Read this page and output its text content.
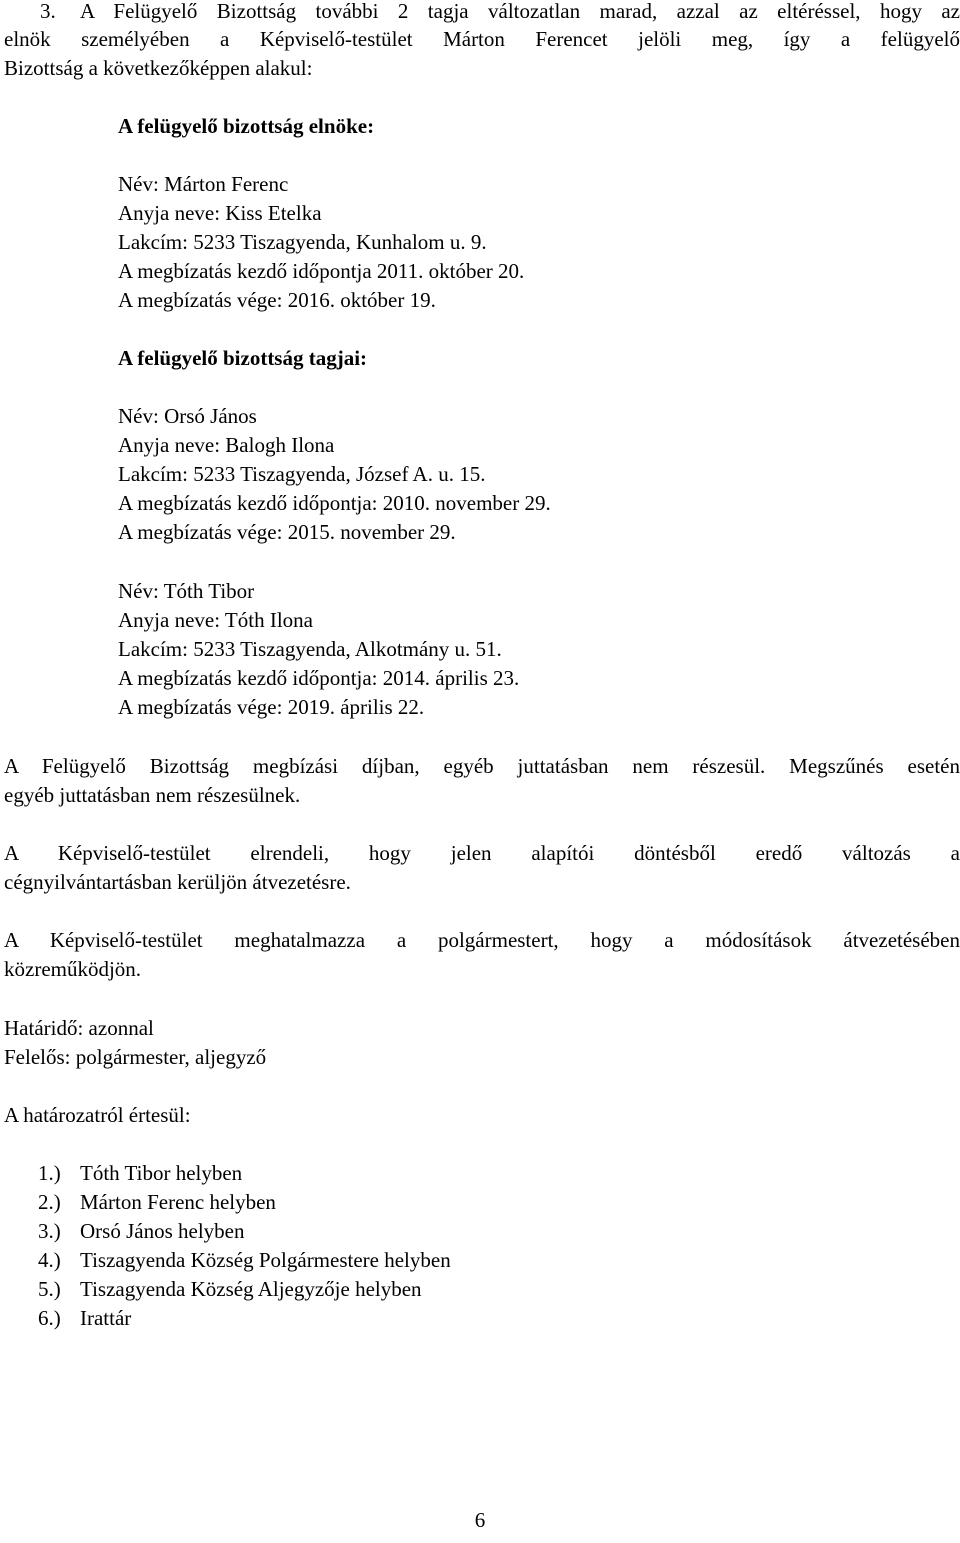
3.	A Felügyelő Bizottság további 2 tagja változatlan marad, azzal az eltéréssel, hogy az
elnök személyében a Képviselő-testület Márton Ferencet jelöli meg, így a felügyelő
Bizottság a következőképpen alakul:
A felügyelő bizottság elnöke:
Név: Márton Ferenc
Anyja neve: Kiss Etelka
Lakcím: 5233 Tiszagyenda, Kunhalom u. 9.
A megbízatás kezdő időpontja 2011. október 20.
A megbízatás vége: 2016. október 19.
A felügyelő bizottság tagjai:
Név: Orsó János
Anyja neve: Balogh Ilona
Lakcím: 5233 Tiszagyenda, József A. u. 15.
A megbízatás kezdő időpontja: 2010. november 29.
A megbízatás vége: 2015. november 29.
Név: Tóth Tibor
Anyja neve: Tóth Ilona
Lakcím: 5233 Tiszagyenda, Alkotmány u. 51.
A megbízatás kezdő időpontja: 2014. április 23.
A megbízatás vége: 2019. április 22.
A Felügyelő Bizottság megbízási díjban, egyéb juttatásban nem részesül. Megszűnés esetén
egyéb juttatásban nem részesülnek.
A Képviselő-testület elrendeli, hogy jelen alapítói döntésből eredő változás a
cégnyilvántartásban kerüljön átvezetésre.
A Képviselő-testület meghatalmazza a polgármestert, hogy a módosítások átvezetésében
közreműködjön.
Határidő: azonnal
Felelős: polgármester, aljegyző
A határozatról értesül:
1.) Tóth Tibor helyben
2.) Márton Ferenc helyben
3.) Orsó János helyben
4.) Tiszagyenda Község Polgármestere helyben
5.) Tiszagyenda Község Aljegyzője helyben
6.) Irattár
6
